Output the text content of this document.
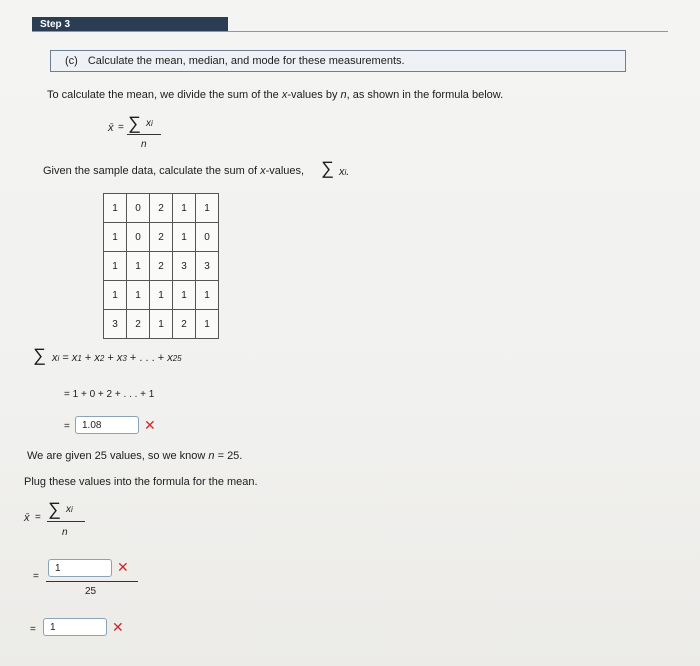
Step 3
(c) Calculate the mean, median, and mode for these measurements.
To calculate the mean, we divide the sum of the x-values by n, as shown in the formula below.
x̄ = ∑ xi
n
Given the sample data, calculate the sum of x-values, ∑ xi.
1	0	2	1	1
1	0	2	1	0
1	1	2	3	3
1	1	1	1	1
3	2	1	2	1
∑ xi = x1 + x2 + x3 + . . . + x25
= 1 + 0 + 2 + . . . + 1
=	1.08	✕
We are given 25 values, so we know n = 25.
Plug these values into the formula for the mean.
x̄ = ∑ xi
n
=
1	✕
25
=	1	✕
